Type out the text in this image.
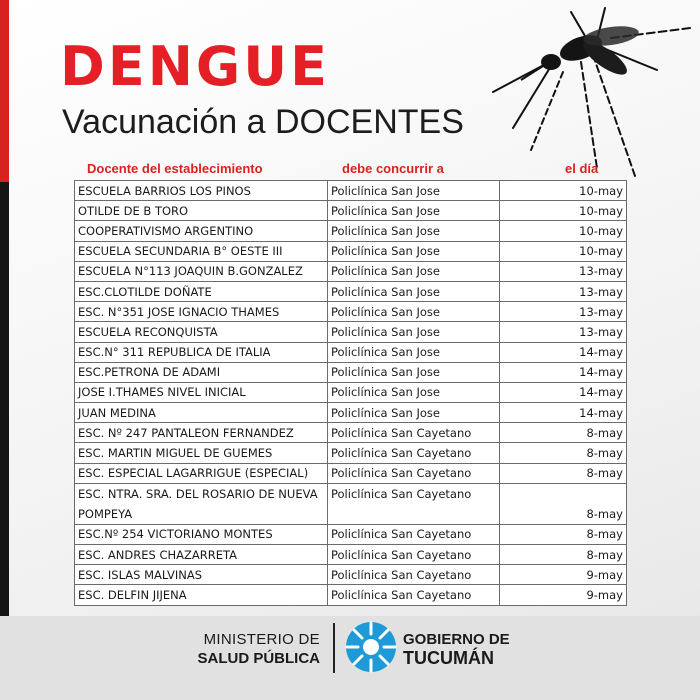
DENGUE
Vacunación a DOCENTES
Docente del establecimiento	debe concurrir a	el día
ESCUELA BARRIOS LOS PINOS	Policlínica San Jose	10-may
OTILDE DE B TORO	Policlínica San Jose	10-may
COOPERATIVISMO ARGENTINO	Policlínica San Jose	10-may
ESCUELA SECUNDARIA B° OESTE III	Policlínica San Jose	10-may
ESCUELA N°113 JOAQUIN B.GONZALEZ	Policlínica San Jose	13-may
ESC.CLOTILDE DOÑATE	Policlínica San Jose	13-may
ESC. N°351 JOSE IGNACIO THAMES	Policlínica San Jose	13-may
ESCUELA RECONQUISTA	Policlínica San Jose	13-may
ESC.N° 311 REPUBLICA DE ITALIA	Policlínica San Jose	14-may
ESC.PETRONA DE ADAMI	Policlínica San Jose	14-may
JOSE I.THAMES NIVEL INICIAL	Policlínica San Jose	14-may
JUAN MEDINA	Policlínica San Jose	14-may
ESC. Nº 247 PANTALEON FERNANDEZ	Policlínica San Cayetano	8-may
ESC. MARTIN MIGUEL DE GUEMES	Policlínica San Cayetano	8-may
ESC. ESPECIAL LAGARRIGUE (ESPECIAL)	Policlínica San Cayetano	8-may
ESC. NTRA. SRA. DEL ROSARIO DE NUEVA POMPEYA	Policlínica San Cayetano	8-may
ESC.Nº 254 VICTORIANO MONTES	Policlínica San Cayetano	8-may
ESC. ANDRES CHAZARRETA	Policlínica San Cayetano	8-may
ESC. ISLAS MALVINAS	Policlínica San Cayetano	9-may
ESC. DELFIN JIJENA	Policlínica San Cayetano	9-may
MINISTERIO DE
SALUD PÚBLICA
GOBIERNO DE
TUCUMÁN
